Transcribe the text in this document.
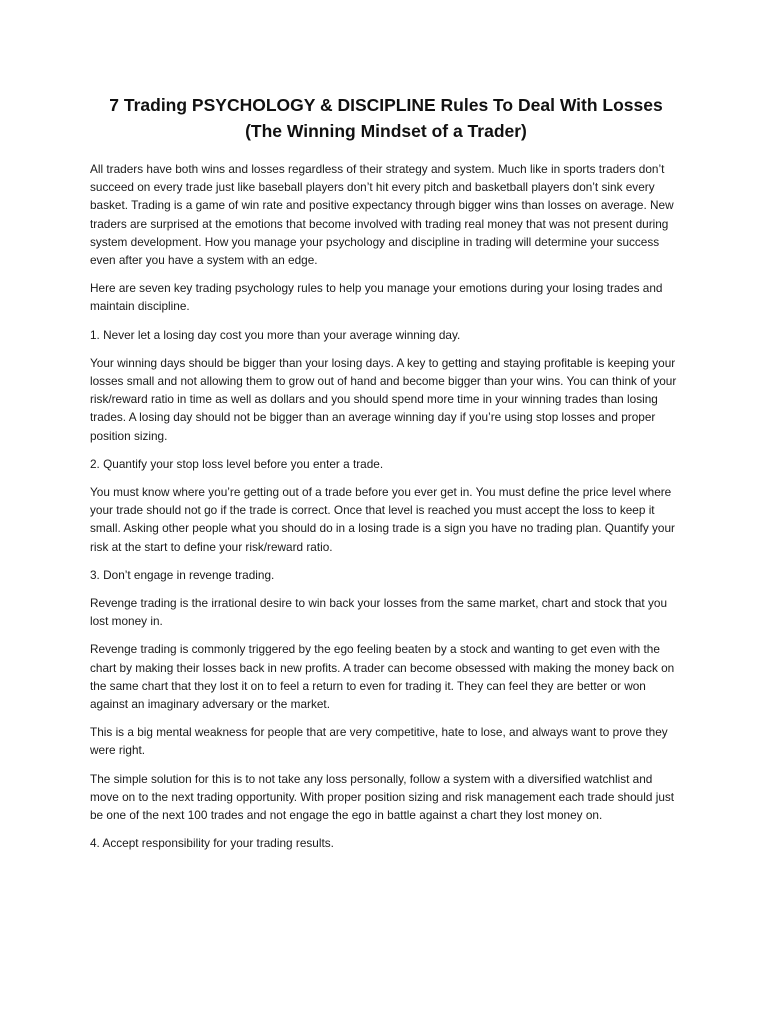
7 Trading PSYCHOLOGY & DISCIPLINE Rules To Deal With Losses (The Winning Mindset of a Trader)

All traders have both wins and losses regardless of their strategy and system. Much like in sports traders don’t succeed on every trade just like baseball players don’t hit every pitch and basketball players don’t sink every basket. Trading is a game of win rate and positive expectancy through bigger wins than losses on average. New traders are surprised at the emotions that become involved with trading real money that was not present during system development. How you manage your psychology and discipline in trading will determine your success even after you have a system with an edge.

Here are seven key trading psychology rules to help you manage your emotions during your losing trades and maintain discipline.

1. Never let a losing day cost you more than your average winning day.

Your winning days should be bigger than your losing days. A key to getting and staying profitable is keeping your losses small and not allowing them to grow out of hand and become bigger than your wins. You can think of your risk/reward ratio in time as well as dollars and you should spend more time in your winning trades than losing trades. A losing day should not be bigger than an average winning day if you’re using stop losses and proper position sizing.

2. Quantify your stop loss level before you enter a trade.

You must know where you’re getting out of a trade before you ever get in. You must define the price level where your trade should not go if the trade is correct. Once that level is reached you must accept the loss to keep it small. Asking other people what you should do in a losing trade is a sign you have no trading plan. Quantify your risk at the start to define your risk/reward ratio.

3. Don’t engage in revenge trading.

Revenge trading is the irrational desire to win back your losses from the same market, chart and stock that you lost money in.

Revenge trading is commonly triggered by the ego feeling beaten by a stock and wanting to get even with the chart by making their losses back in new profits. A trader can become obsessed with making the money back on the same chart that they lost it on to feel a return to even for trading it. They can feel they are better or won against an imaginary adversary or the market.

This is a big mental weakness for people that are very competitive, hate to lose, and always want to prove they were right.

The simple solution for this is to not take any loss personally, follow a system with a diversified watchlist and move on to the next trading opportunity. With proper position sizing and risk management each trade should just be one of the next 100 trades and not engage the ego in battle against a chart they lost money on.

4. Accept responsibility for your trading results.
